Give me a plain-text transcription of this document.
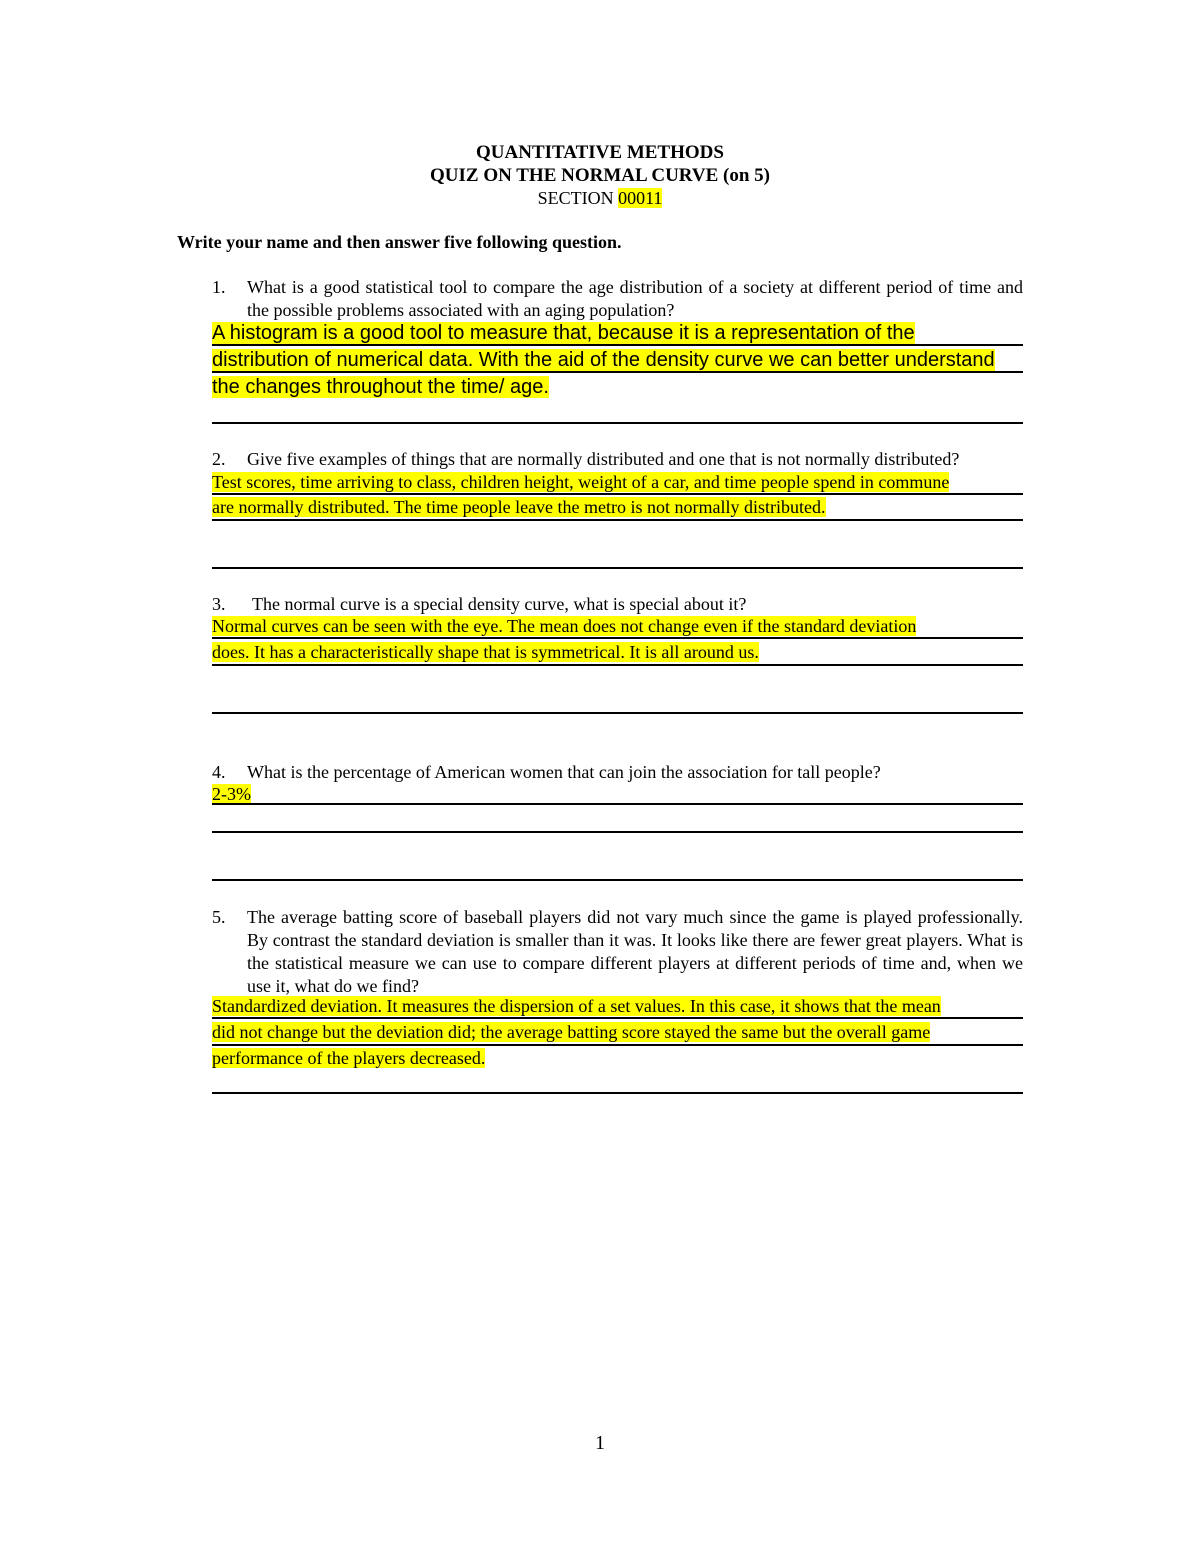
QUANTITATIVE METHODS
QUIZ ON THE NORMAL CURVE (on 5)
SECTION 00011
Write your name and then answer five following question.
1. What is a good statistical tool to compare the age distribution of a society at different period of time and the possible problems associated with an aging population?
A histogram is a good tool to measure that, because it is a representation of the
distribution of numerical data. With the aid of the density curve we can better understand
the changes throughout the time/ age.
2. Give five examples of things that are normally distributed and one that is not normally distributed?
Test scores, time arriving to class, children height, weight of a car, and time people spend in commune
are normally distributed. The time people leave the metro is not normally distributed.
3. The normal curve is a special density curve, what is special about it?
Normal curves can be seen with the eye. The mean does not change even if the standard deviation
does. It has a characteristically shape that is symmetrical. It is all around us.
4. What is the percentage of American women that can join the association for tall people?
2-3%
5. The average batting score of baseball players did not vary much since the game is played professionally. By contrast the standard deviation is smaller than it was. It looks like there are fewer great players. What is the statistical measure we can use to compare different players at different periods of time and, when we use it, what do we find?
Standardized deviation. It measures the dispersion of a set values. In this case, it shows that the mean
did not change but the deviation did; the average batting score stayed the same but the overall game
performance of the players decreased.
1
